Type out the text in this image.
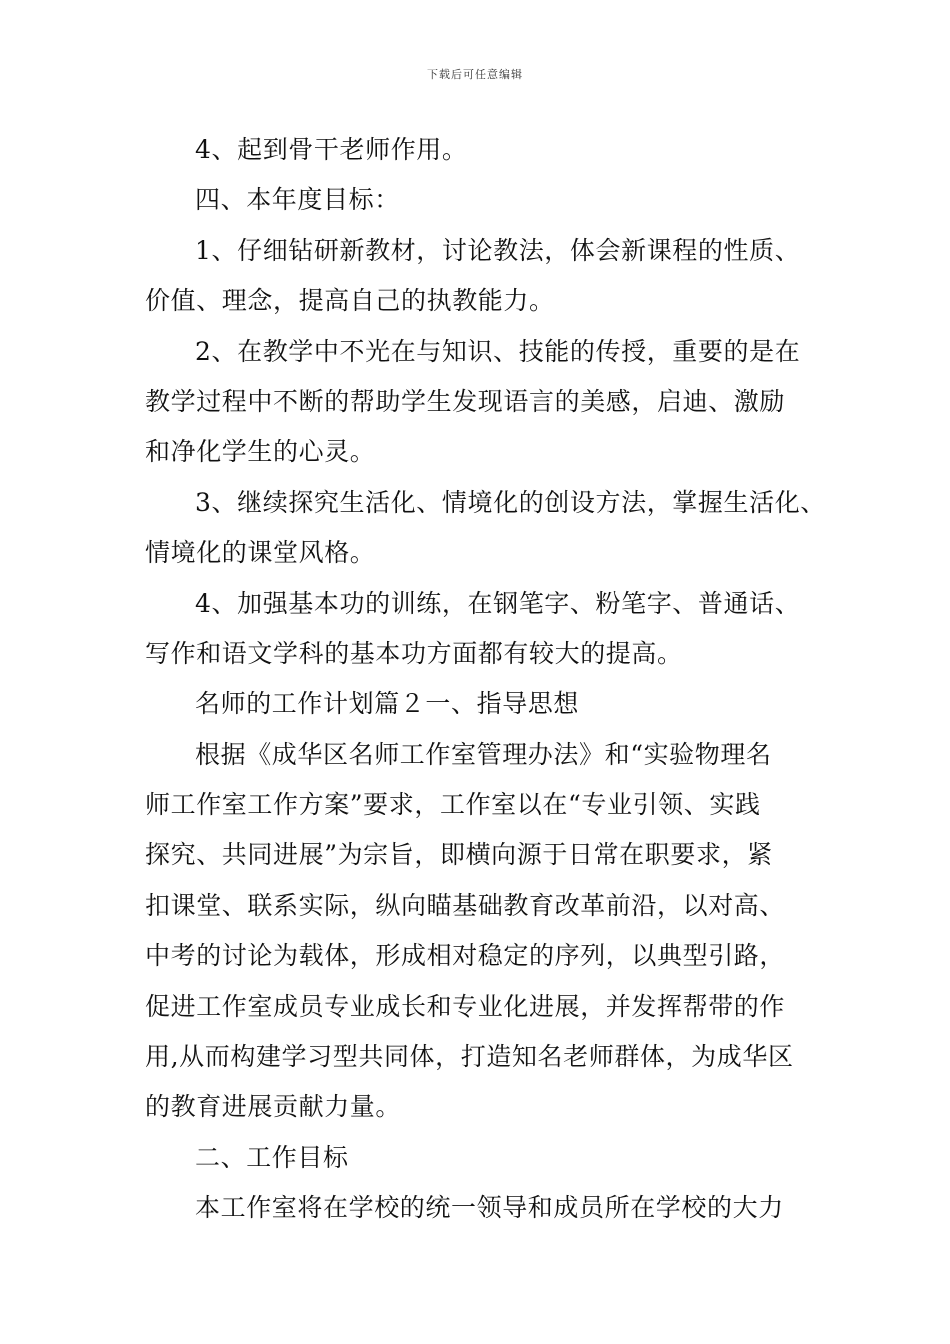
下载后可任意编辑
4、起到骨干老师作用。
四、本年度目标：
1、仔细钻研新教材，讨论教法，体会新课程的性质、
价值、理念，提高自己的执教能力。
2、在教学中不光在与知识、技能的传授，重要的是在
教学过程中不断的帮助学生发现语言的美感，启迪、激励
和净化学生的心灵。
3、继续探究生活化、情境化的创设方法，掌握生活化、
情境化的课堂风格。
4、加强基本功的训练，在钢笔字、粉笔字、普通话、
写作和语文学科的基本功方面都有较大的提高。
名师的工作计划篇２一、指导思想
根据《成华区名师工作室管理办法》和“实验物理名
师工作室工作方案”要求，工作室以在“专业引领、实践
探究、共同进展”为宗旨，即横向源于日常在职要求，紧
扣课堂、联系实际，纵向瞄基础教育改革前沿，以对高、
中考的讨论为载体，形成相对稳定的序列，以典型引路，
促进工作室成员专业成长和专业化进展，并发挥帮带的作
用,从而构建学习型共同体，打造知名老师群体，为成华区
的教育进展贡献力量。
二、工作目标
本工作室将在学校的统一领导和成员所在学校的大力
